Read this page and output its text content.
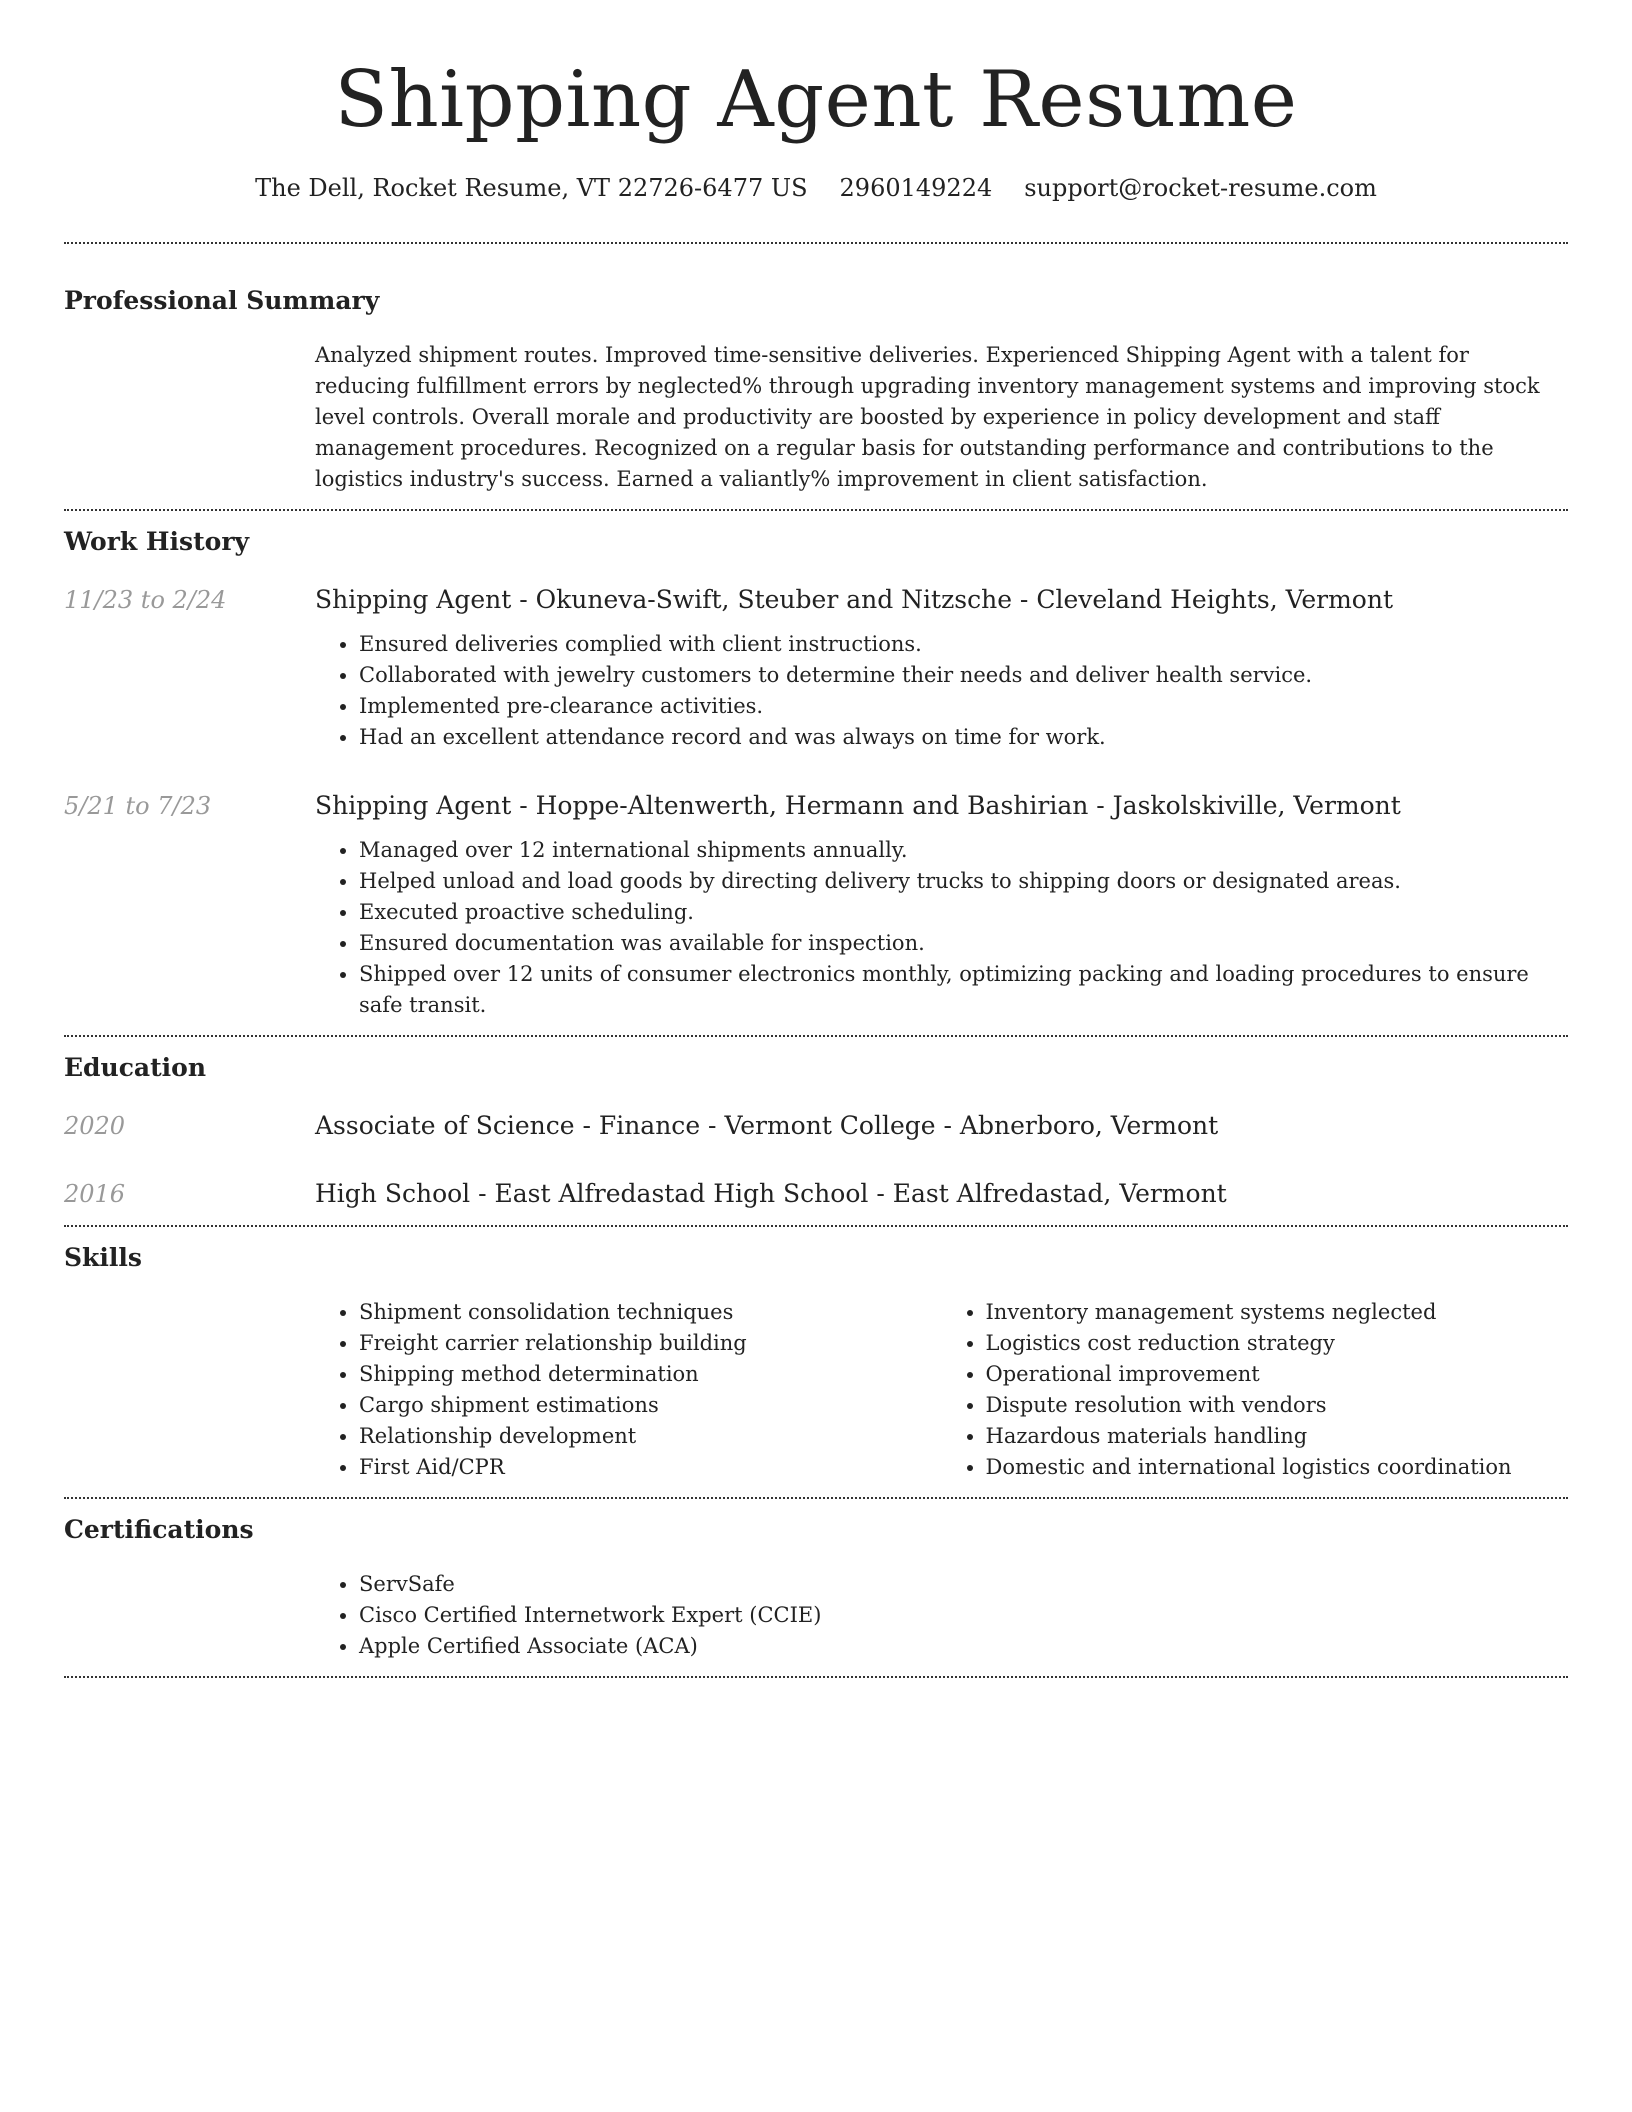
Shipping Agent Resume
The Dell, Rocket Resume, VT 22726-6477 US 2960149224 support@rocket-resume.com
Professional Summary

Analyzed shipment routes. Improved time-sensitive deliveries. Experienced Shipping Agent with a talent for reducing fulfillment errors by neglected% through upgrading inventory management systems and improving stock level controls. Overall morale and productivity are boosted by experience in policy development and staff management procedures. Recognized on a regular basis for outstanding performance and contributions to the logistics industry's success. Earned a valiantly% improvement in client satisfaction.

Work History
11/23 to 2/24	Shipping Agent - Okuneva-Swift, Steuber and Nitzsche - Cleveland Heights, Vermont

• Ensured deliveries complied with client instructions.
• Collaborated with jewelry customers to determine their needs and deliver health service.
• Implemented pre-clearance activities.
• Had an excellent attendance record and was always on time for work.
5/21 to 7/23	Shipping Agent - Hoppe-Altenwerth, Hermann and Bashirian - Jaskolskiville, Vermont

• Managed over 12 international shipments annually.
• Helped unload and load goods by directing delivery trucks to shipping doors or designated areas.
• Executed proactive scheduling.
• Ensured documentation was available for inspection.
• Shipped over 12 units of consumer electronics monthly, optimizing packing and loading procedures to ensure safe transit.
Education
2020	Associate of Science - Finance - Vermont College - Abnerboro, Vermont
2016	High School - East Alfredastad High School - East Alfredastad, Vermont
Skills
• Shipment consolidation techniques
• Freight carrier relationship building
• Shipping method determination
• Cargo shipment estimations
• Relationship development
• First Aid/CPR
• Inventory management systems neglected
• Logistics cost reduction strategy
• Operational improvement
• Dispute resolution with vendors
• Hazardous materials handling
• Domestic and international logistics coordination
Certifications
• ServSafe
• Cisco Certified Internetwork Expert (CCIE)
• Apple Certified Associate (ACA)
